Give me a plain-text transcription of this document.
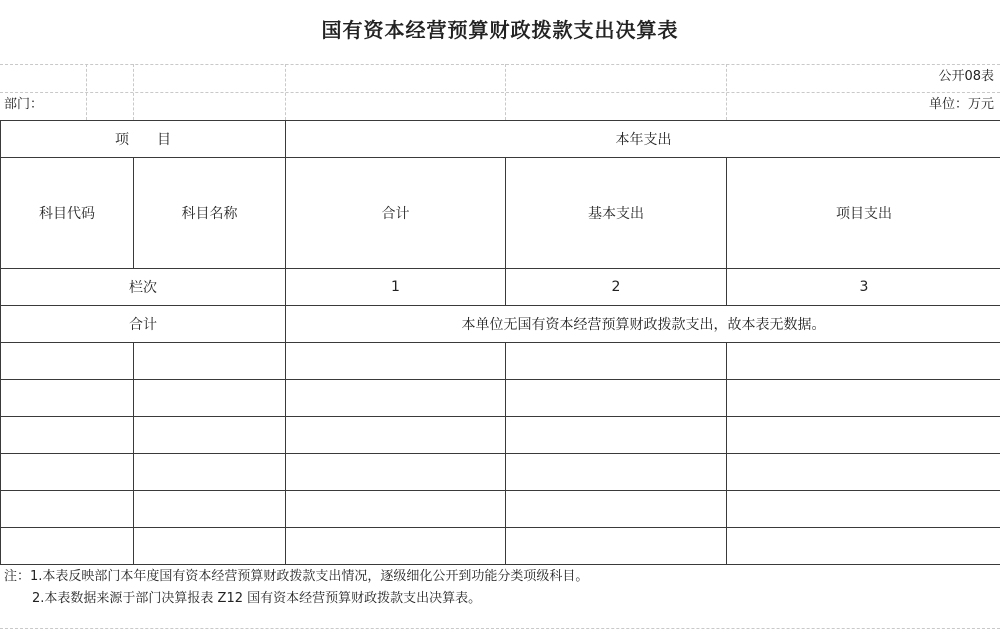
国有资本经营预算财政拨款支出决算表
公开08表
部门：	单位：万元
项　　目		本年支出		
科目代码	科目名称	合计	基本支出	项目支出
栏次		1	2	3
合计		本单位无国有资本经营预算财政拨款支出，故本表无数据。		

注：1.本表反映部门本年度国有资本经营预算财政拨款支出情况，逐级细化公开到功能分类项级科目。
2.本表数据来源于部门决算报表 Z12 国有资本经营预算财政拨款支出决算表。
